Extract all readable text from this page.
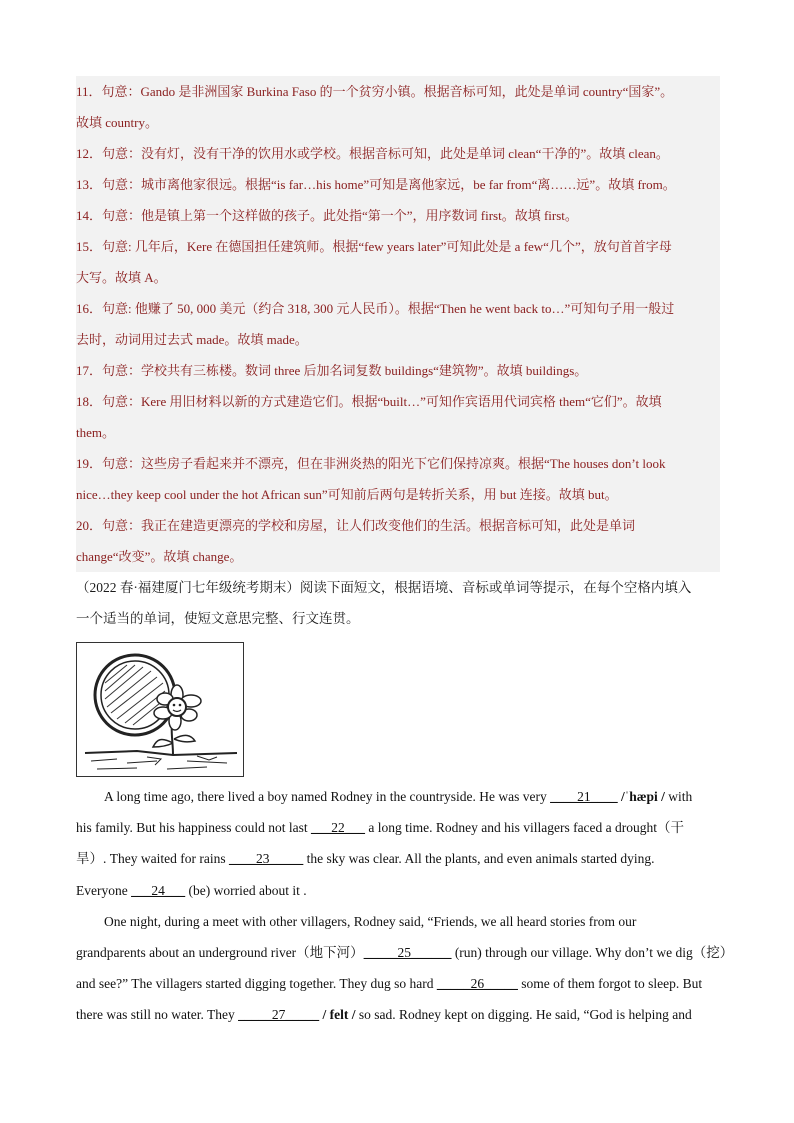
11．句意：Gando 是非洲国家 Burkina Faso 的一个贫穷小镇。根据音标可知，此处是单词 country“国家”。
故填 country。
12．句意：没有灯，没有干净的饮用水或学校。根据音标可知，此处是单词 clean“干净的”。故填 clean。
13．句意：城市离他家很远。根据“is far…his home”可知是离他家远，be far from“离……远”。故填 from。
14．句意：他是镇上第一个这样做的孩子。此处指“第一个”，用序数词 first。故填 first。
15．句意: 几年后，Kere 在德国担任建筑师。根据“few years later”可知此处是 a few“几个”，放句首首字母
大写。故填 A。
16．句意: 他赚了 50, 000 美元（约合 318, 300 元人民币）。根据“Then he went back to…”可知句子用一般过
去时，动词用过去式 made。故填 made。
17．句意：学校共有三栋楼。数词 three 后加名词复数 buildings“建筑物”。故填 buildings。
18．句意：Kere 用旧材料以新的方式建造它们。根据“built…”可知作宾语用代词宾格 them“它们”。故填
them。
19．句意：这些房子看起来并不漂亮，但在非洲炎热的阳光下它们保持凉爽。根据“The houses don’t look
nice…they keep cool under the hot African sun”可知前后两句是转折关系，用 but 连接。故填 but。
20．句意：我正在建造更漂亮的学校和房屋，让人们改变他们的生活。根据音标可知，此处是单词
change“改变”。故填 change。
（2022 春·福建厦门七年级统考期末）阅读下面短文，根据语境、音标或单词等提示，在每个空格内填入
一个适当的单词，使短文意思完整、行文连贯。
A long time ago, there lived a boy named Rodney in the countryside. He was very ____21____ /ˈhæpi / with
his family. But his happiness could not last ___22___ a long time. Rodney and his villagers faced a drought（干
旱）. They waited for rains ____23_____ the sky was clear. All the plants, and even animals started dying.
Everyone ___24___ (be) worried about it .
One night, during a meet with other villagers, Rodney said, “Friends, we all heard stories from our
grandparents about an underground river（地下河）_____25______ (run) through our village. Why don’t we dig（挖）
and see?” The villagers started digging together. They dug so hard _____26_____ some of them forgot to sleep. But
there was still no water. They _____27_____ / felt / so sad. Rodney kept on digging. He said, “God is helping and
